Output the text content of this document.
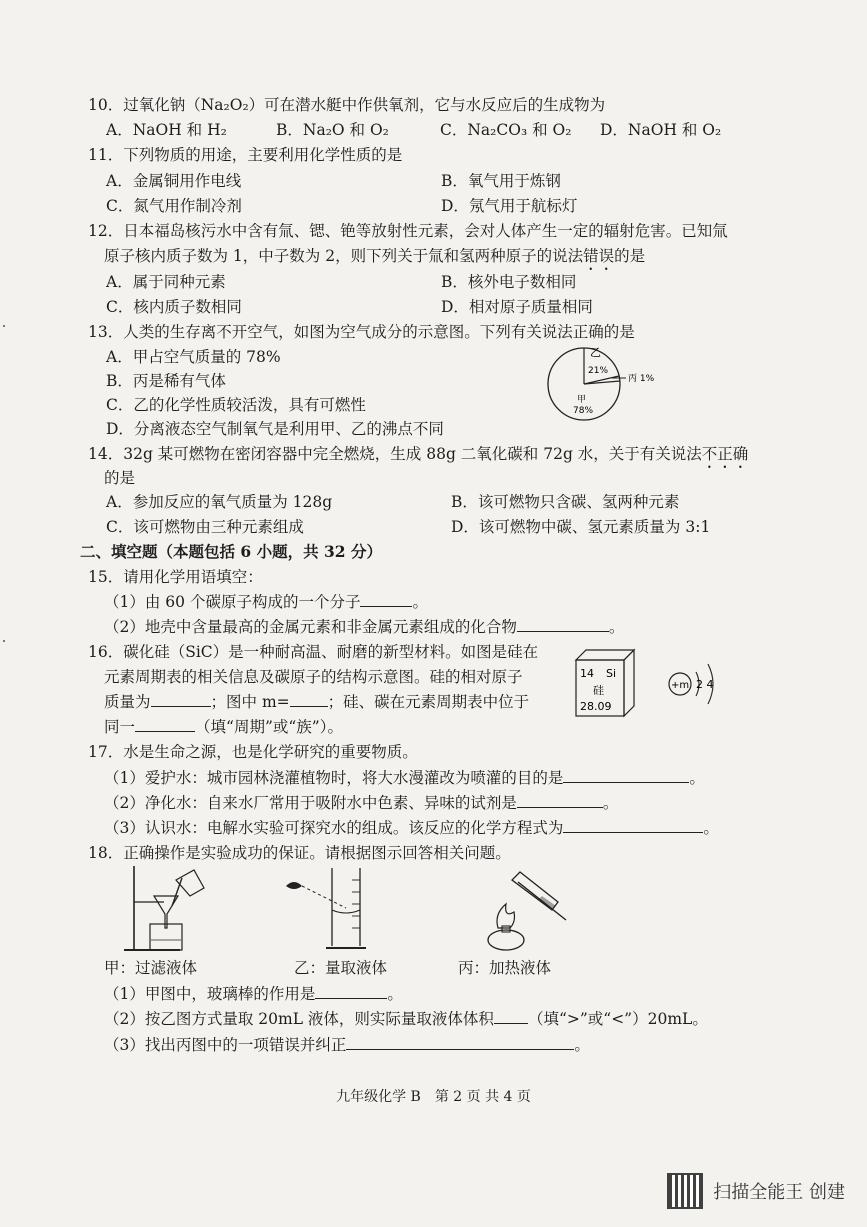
10．过氧化钠（Na₂O₂）可在潜水艇中作供氧剂，它与水反应后的生成物为
A．NaOH 和 H₂	B．Na₂O 和 O₂	C．Na₂CO₃ 和 O₂ D．NaOH 和 O₂
11．下列物质的用途，主要利用化学性质的是
A．金属铜用作电线	B．氧气用于炼钢
C．氮气用作制冷剂	D．氖气用于航标灯
12．日本福岛核污水中含有氚、锶、铯等放射性元素，会对人体产生一定的辐射危害。已知氚
原子核内质子数为 1，中子数为 2，则下列关于氚和氢两种原子的说法错误的是
A．属于同种元素	B．核外电子数相同
C．核内质子数相同	D．相对原子质量相同
13．人类的生存离不开空气，如图为空气成分的示意图。下列有关说法正确的是
A．甲占空气质量的 78%
B．丙是稀有气体
C．乙的化学性质较活泼，具有可燃性
D．分离液态空气制氧气是利用甲、乙的沸点不同
乙
21%
丙 1%
甲
78%
14．32g 某可燃物在密闭容器中完全燃烧，生成 88g 二氧化碳和 72g 水，关于有关说法不正确
的是
A．参加反应的氧气质量为 128g	B．该可燃物只含碳、氢两种元素
C．该可燃物由三种元素组成	D．该可燃物中碳、氢元素质量为 3:1
二、填空题（本题包括 6 小题，共 32 分）
15．请用化学用语填空：
（1）由 60 个碳原子构成的一个分子	。
（2）地壳中含量最高的金属元素和非金属元素组成的化合物	。
16．碳化硅（SiC）是一种耐高温、耐磨的新型材料。如图是硅在
元素周期表的相关信息及碳原子的结构示意图。硅的相对原子
质量为	；图中 m= ；硅、碳在元素周期表中位于
同一	（填“周期”或“族”）。
14 Si
硅
28.09
+m 2 4
17．水是生命之源，也是化学研究的重要物质。
（1）爱护水：城市园林浇灌植物时，将大水漫灌改为喷灌的目的是	。
（2）净化水：自来水厂常用于吸附水中色素、异味的试剂是	。
（3）认识水：电解水实验可探究水的组成。该反应的化学方程式为	。
18．正确操作是实验成功的保证。请根据图示回答相关问题。
甲：过滤液体	乙：量取液体	丙：加热液体
（1）甲图中，玻璃棒的作用是	。
（2）按乙图方式量取 20mL 液体，则实际量取液体体积 （填“>”或“<”）20mL。
（3）找出丙图中的一项错误并纠正	。
九年级化学 B　第 2 页 共 4 页
扫描全能王 创建
